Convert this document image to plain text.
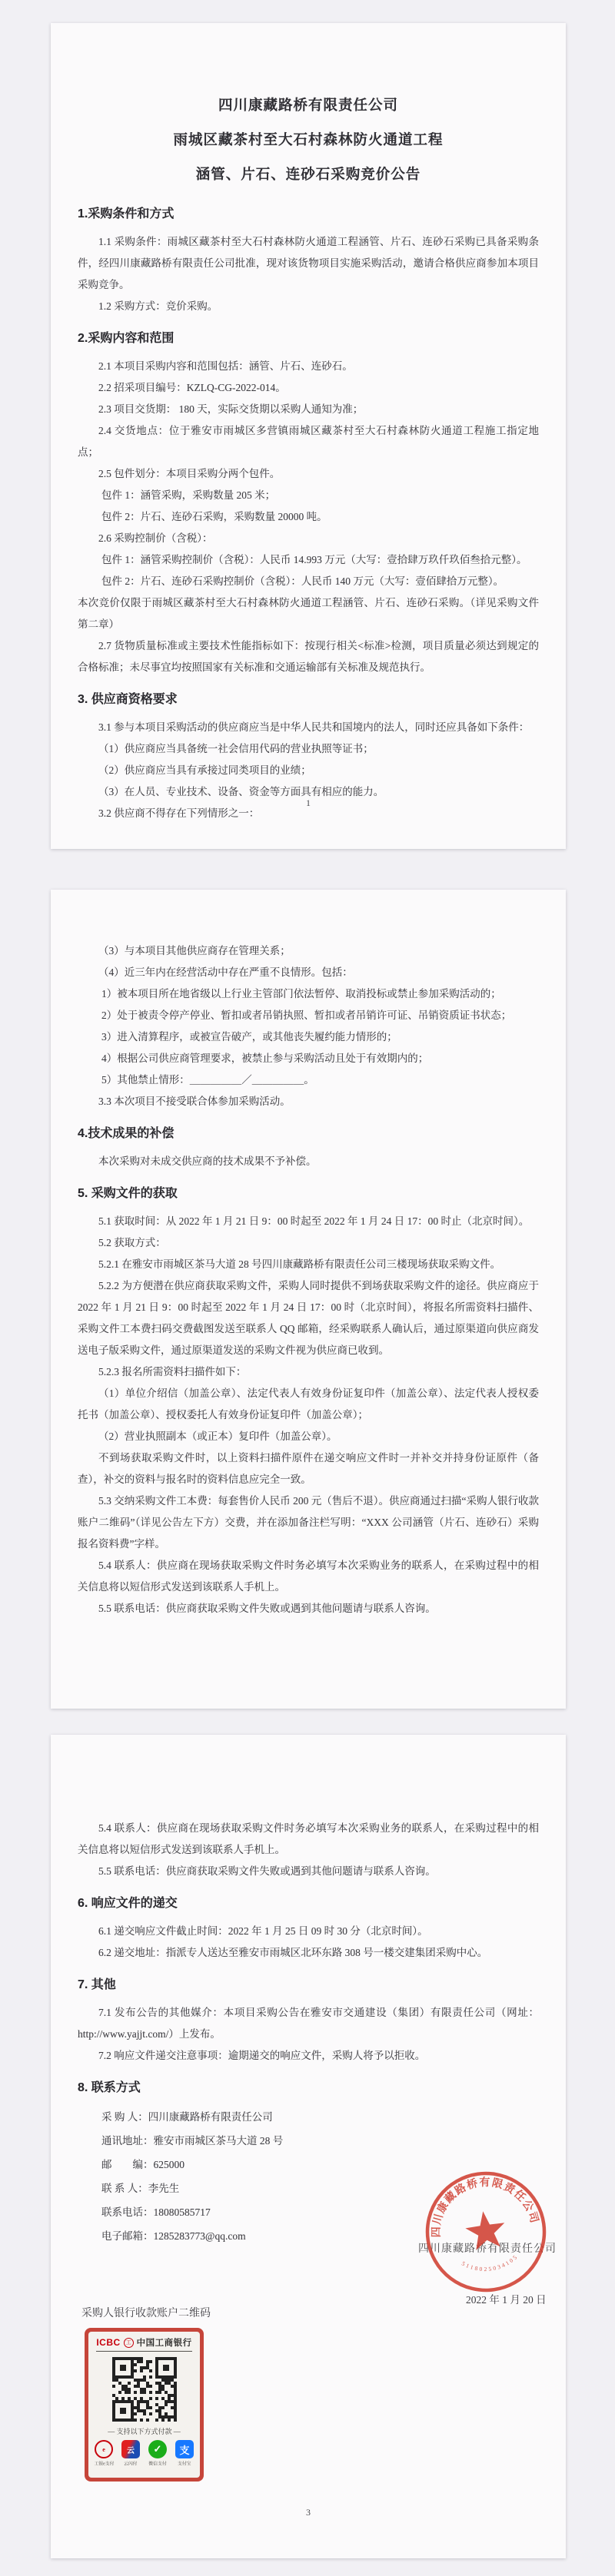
四川康藏路桥有限责任公司
雨城区藏茶村至大石村森林防火通道工程
涵管、片石、连砂石采购竞价公告
1.采购条件和方式
1.1 采购条件：雨城区藏茶村至大石村森林防火通道工程涵管、片石、连砂石采购已具备采购条件，经四川康藏路桥有限责任公司批准，现对该货物项目实施采购活动，邀请合格供应商参加本项目采购竞争。
1.2 采购方式：竞价采购。
2.采购内容和范围
2.1 本项目采购内容和范围包括：涵管、片石、连砂石。
2.2 招采项目编号：KZLQ-CG-2022-014。
2.3 项目交货期： 180 天，实际交货期以采购人通知为准；
2.4 交货地点：位于雅安市雨城区多营镇雨城区藏茶村至大石村森林防火通道工程施工指定地点；
2.5 包件划分：本项目采购分两个包件。
包件 1：涵管采购，采购数量 205 米；
包件 2：片石、连砂石采购，采购数量 20000 吨。
2.6 采购控制价（含税）：
包件 1：涵管采购控制价（含税）：人民币 14.993 万元（大写：壹拾肆万玖仟玖佰叁拾元整）。
包件 2：片石、连砂石采购控制价（含税）：人民币 140 万元（大写：壹佰肆拾万元整）。
本次竞价仅限于雨城区藏茶村至大石村森林防火通道工程涵管、片石、连砂石采购。（详见采购文件第二章）
2.7 货物质量标准或主要技术性能指标如下：按现行相关<标准>检测，项目质量必须达到规定的合格标准；未尽事宜均按照国家有关标准和交通运输部有关标准及规范执行。
3. 供应商资格要求
3.1 参与本项目采购活动的供应商应当是中华人民共和国境内的法人，同时还应具备如下条件：
（1）供应商应当具备统一社会信用代码的营业执照等证书；
（2）供应商应当具有承接过同类项目的业绩；
（3）在人员、专业技术、设备、资金等方面具有相应的能力。
3.2 供应商不得存在下列情形之一：
1
（3）与本项目其他供应商存在管理关系；
（4）近三年内在经营活动中存在严重不良情形。包括：
1）被本项目所在地省级以上行业主管部门依法暂停、取消投标或禁止参加采购活动的；
2）处于被责令停产停业、暂扣或者吊销执照、暂扣或者吊销许可证、吊销资质证书状态；
3）进入清算程序，或被宣告破产，或其他丧失履约能力情形的；
4）根据公司供应商管理要求，被禁止参与采购活动且处于有效期内的；
5）其他禁止情形：＿＿＿＿＿／＿＿＿＿＿。
3.3 本次项目不接受联合体参加采购活动。
4.技术成果的补偿
本次采购对未成交供应商的技术成果不予补偿。
5. 采购文件的获取
5.1 获取时间：从 2022 年 1 月 21 日 9：00 时起至 2022 年 1 月 24 日 17：00 时止（北京时间）。
5.2 获取方式：
5.2.1 在雅安市雨城区茶马大道 28 号四川康藏路桥有限责任公司三楼现场获取采购文件。
5.2.2 为方便潜在供应商获取采购文件，采购人同时提供不到场获取采购文件的途径。供应商应于 2022 年 1 月 21 日 9：00 时起至 2022 年 1 月 24 日 17：00 时（北京时间），将报名所需资料扫描件、采购文件工本费扫码交费截图发送至联系人 QQ 邮箱，经采购联系人确认后，通过原渠道向供应商发送电子版采购文件，通过原渠道发送的采购文件视为供应商已收到。
5.2.3 报名所需资料扫描件如下：
（1）单位介绍信（加盖公章）、法定代表人有效身份证复印件（加盖公章）、法定代表人授权委托书（加盖公章）、授权委托人有效身份证复印件（加盖公章）；
（2）营业执照副本（或正本）复印件（加盖公章）。
不到场获取采购文件时，以上资料扫描件原件在递交响应文件时一并补交并持身份证原件（备查），补交的资料与报名时的资料信息应完全一致。
5.3 交纳采购文件工本费：每套售价人民币 200 元（售后不退）。供应商通过扫描“采购人银行收款账户二维码”（详见公告左下方）交费，并在添加备注栏写明：“XXX 公司涵管（片石、连砂石）采购报名资料费”字样。
5.4 联系人：供应商在现场获取采购文件时务必填写本次采购业务的联系人，在采购过程中的相关信息将以短信形式发送到该联系人手机上。
5.5 联系电话：供应商获取采购文件失败或遇到其他问题请与联系人咨询。
5.4 联系人：供应商在现场获取采购文件时务必填写本次采购业务的联系人，在采购过程中的相关信息将以短信形式发送到该联系人手机上。
5.5 联系电话：供应商获取采购文件失败或遇到其他问题请与联系人咨询。
6. 响应文件的递交
6.1 递交响应文件截止时间：2022 年 1 月 25 日 09 时 30 分（北京时间）。
6.2 递交地址：指派专人送达至雅安市雨城区北环东路 308 号一楼交建集团采购中心。
7. 其他
7.1 发布公告的其他媒介：本项目采购公告在雅安市交通建设（集团）有限责任公司（网址：http://www.yajjt.com/）上发布。
7.2 响应文件递交注意事项：逾期递交的响应文件，采购人将予以拒收。
8. 联系方式
采 购 人：四川康藏路桥有限责任公司
通讯地址：雅安市雨城区茶马大道 28 号
邮　　编：625000
联 系 人：李先生
联系电话：18080585717
电子邮箱：1285283773@qq.com
四川康藏路桥有限责任公司
2022 年 1 月 20 日
四川康藏路桥有限责任公司
5118025034105
采购人银行收款账户二维码
ICBC	工 中国工商银行
— 支持以下方式付款 —
e
工银e支付
云
云闪付
✓
微信支付
支
支付宝
3
